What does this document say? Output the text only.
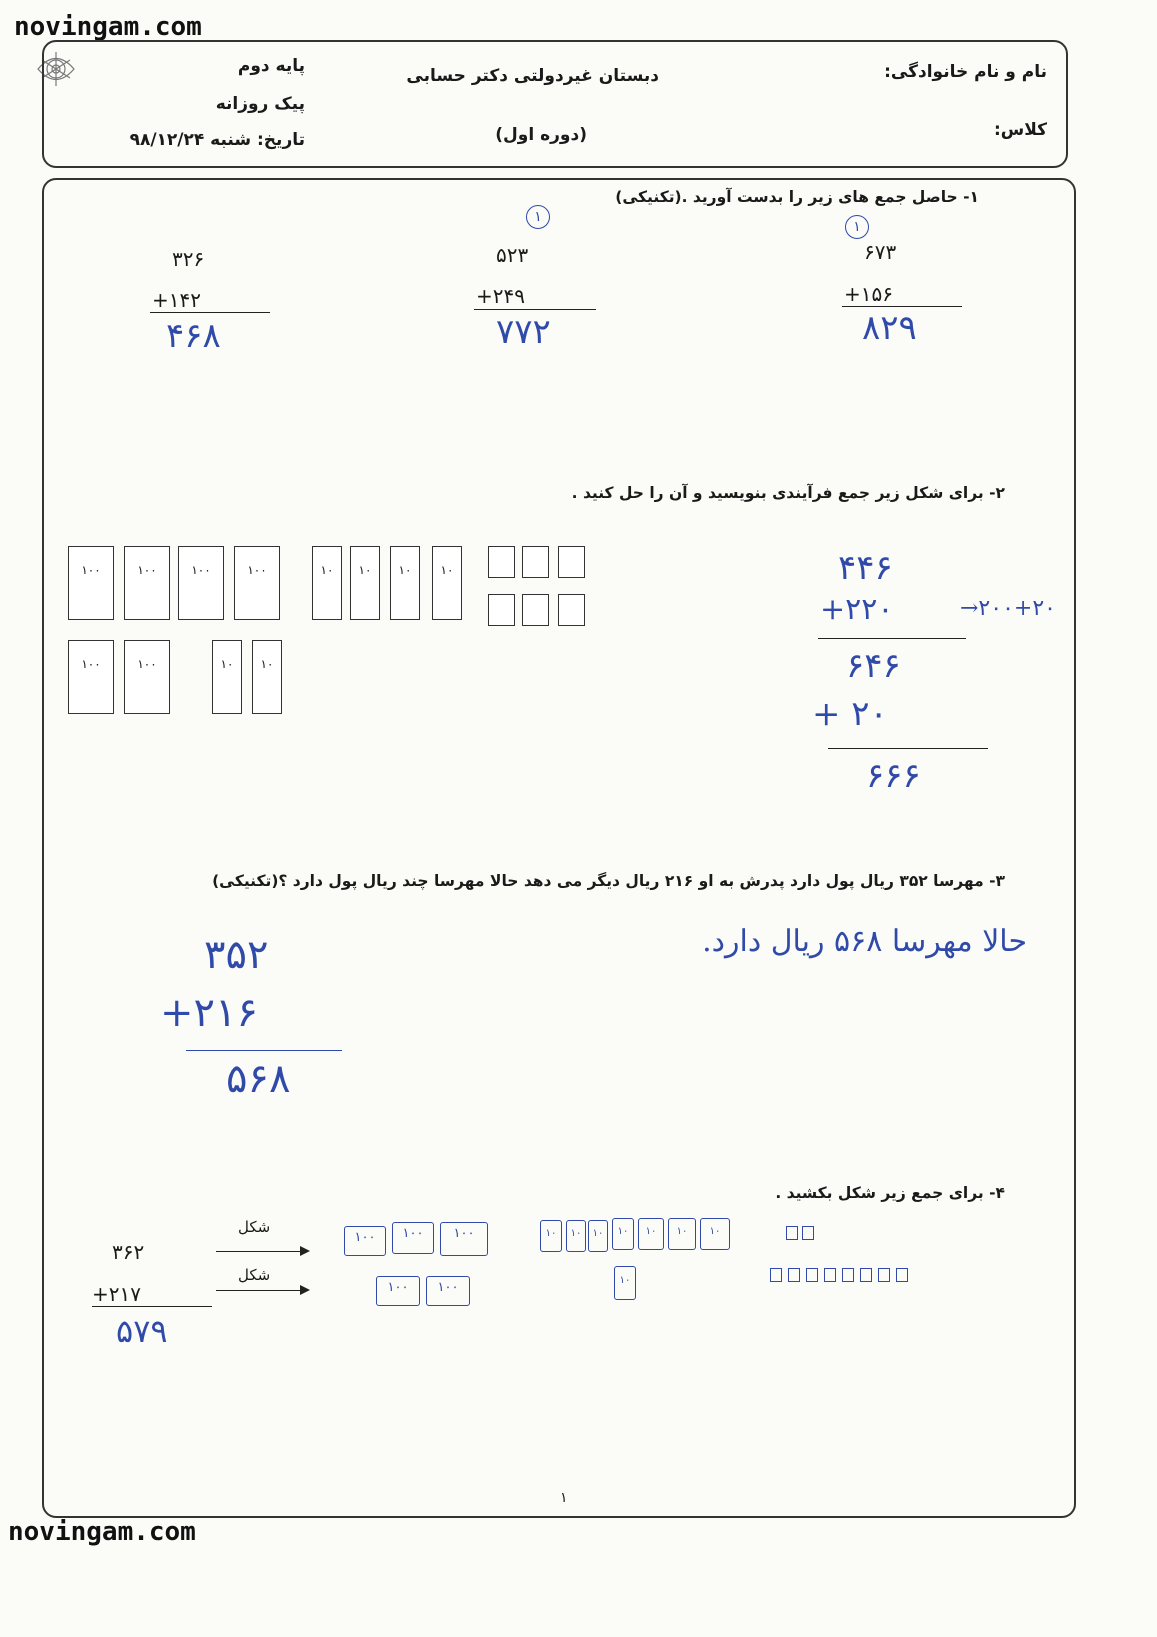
novingam.com
novingam.com
نام و نام خانوادگی:
کلاس:
دبستان غیردولتی دکتر حسابی
(دوره اول)
پایه دوم
پیک روزانه
تاریخ: شنبه ۹۸/۱۲/۲۴
۱- حاصل جمع های زیر را بدست آورید .(تکنیکی)
۱
۶۷۳
+۱۵۶
۸۲۹
۱
۵۲۳
+۲۴۹
۷۷۲
۳۲۶
+۱۴۲
۴۶۸
۲- برای شکل زیر جمع فرآیندی بنویسید و آن را حل کنید .
۱۰۰	۱۰۰	۱۰۰	۱۰۰	۱۰	۱۰	۱۰	۱۰
۱۰۰	۱۰۰	۱۰	۱۰
۴۴۶
+۲۲۰	→۲۰۰+۲۰
۶۴۶
+ ۲۰
۶۶۶
۳- مهرسا ۳۵۲ ریال پول دارد پدرش به او ۲۱۶ ریال دیگر می دهد حالا مهرسا چند ریال پول دارد ؟(تکنیکی)
۳۵۲
+۲۱۶
۵۶۸
حالا مهرسا ۵۶۸ ریال دارد.
۴- برای جمع زیر شکل بکشید .
۳۶۲
+۲۱۷
۵۷۹
شکل
شکل
۱۰۰	۱۰۰	۱۰۰	۱۰	۱۰	۱۰	۱۰	۱۰	۱۰	۱۰
۱۰۰	۱۰۰	۱۰
۱
